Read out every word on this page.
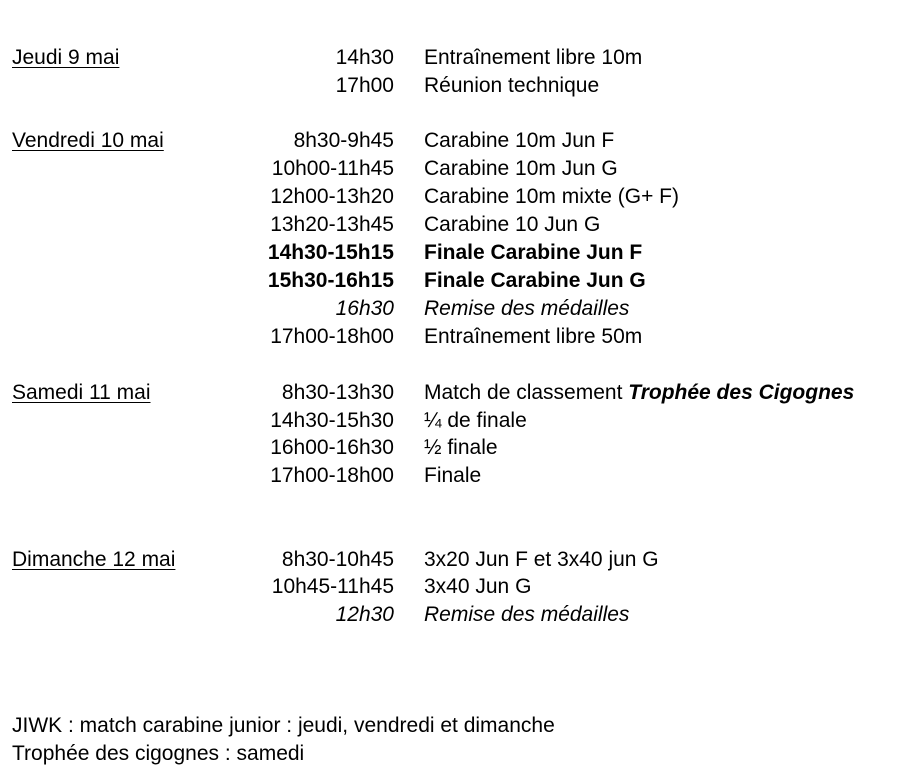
Jeudi 9 mai	14h30 Entraînement libre 10m
17h00 Réunion technique
Vendredi 10 mai	8h30-9h45 Carabine 10m Jun F
10h00-11h45 Carabine 10m Jun G
12h00-13h20 Carabine 10m mixte (G+ F)
13h20-13h45 Carabine 10 Jun G
14h30-15h15 Finale Carabine Jun F
15h30-16h15 Finale Carabine Jun G
16h30 Remise des médailles
17h00-18h00 Entraînement libre 50m
Samedi 11 mai	8h30-13h30 Match de classement Trophée des Cigognes
14h30-15h30 ¼ de finale
16h00-16h30 ½ finale
17h00-18h00 Finale
Dimanche 12 mai	8h30-10h45 3x20 Jun F et 3x40 jun G
10h45-11h45 3x40 Jun G
12h30 Remise des médailles
JIWK : match carabine junior : jeudi, vendredi et dimanche
Trophée des cigognes : samedi
